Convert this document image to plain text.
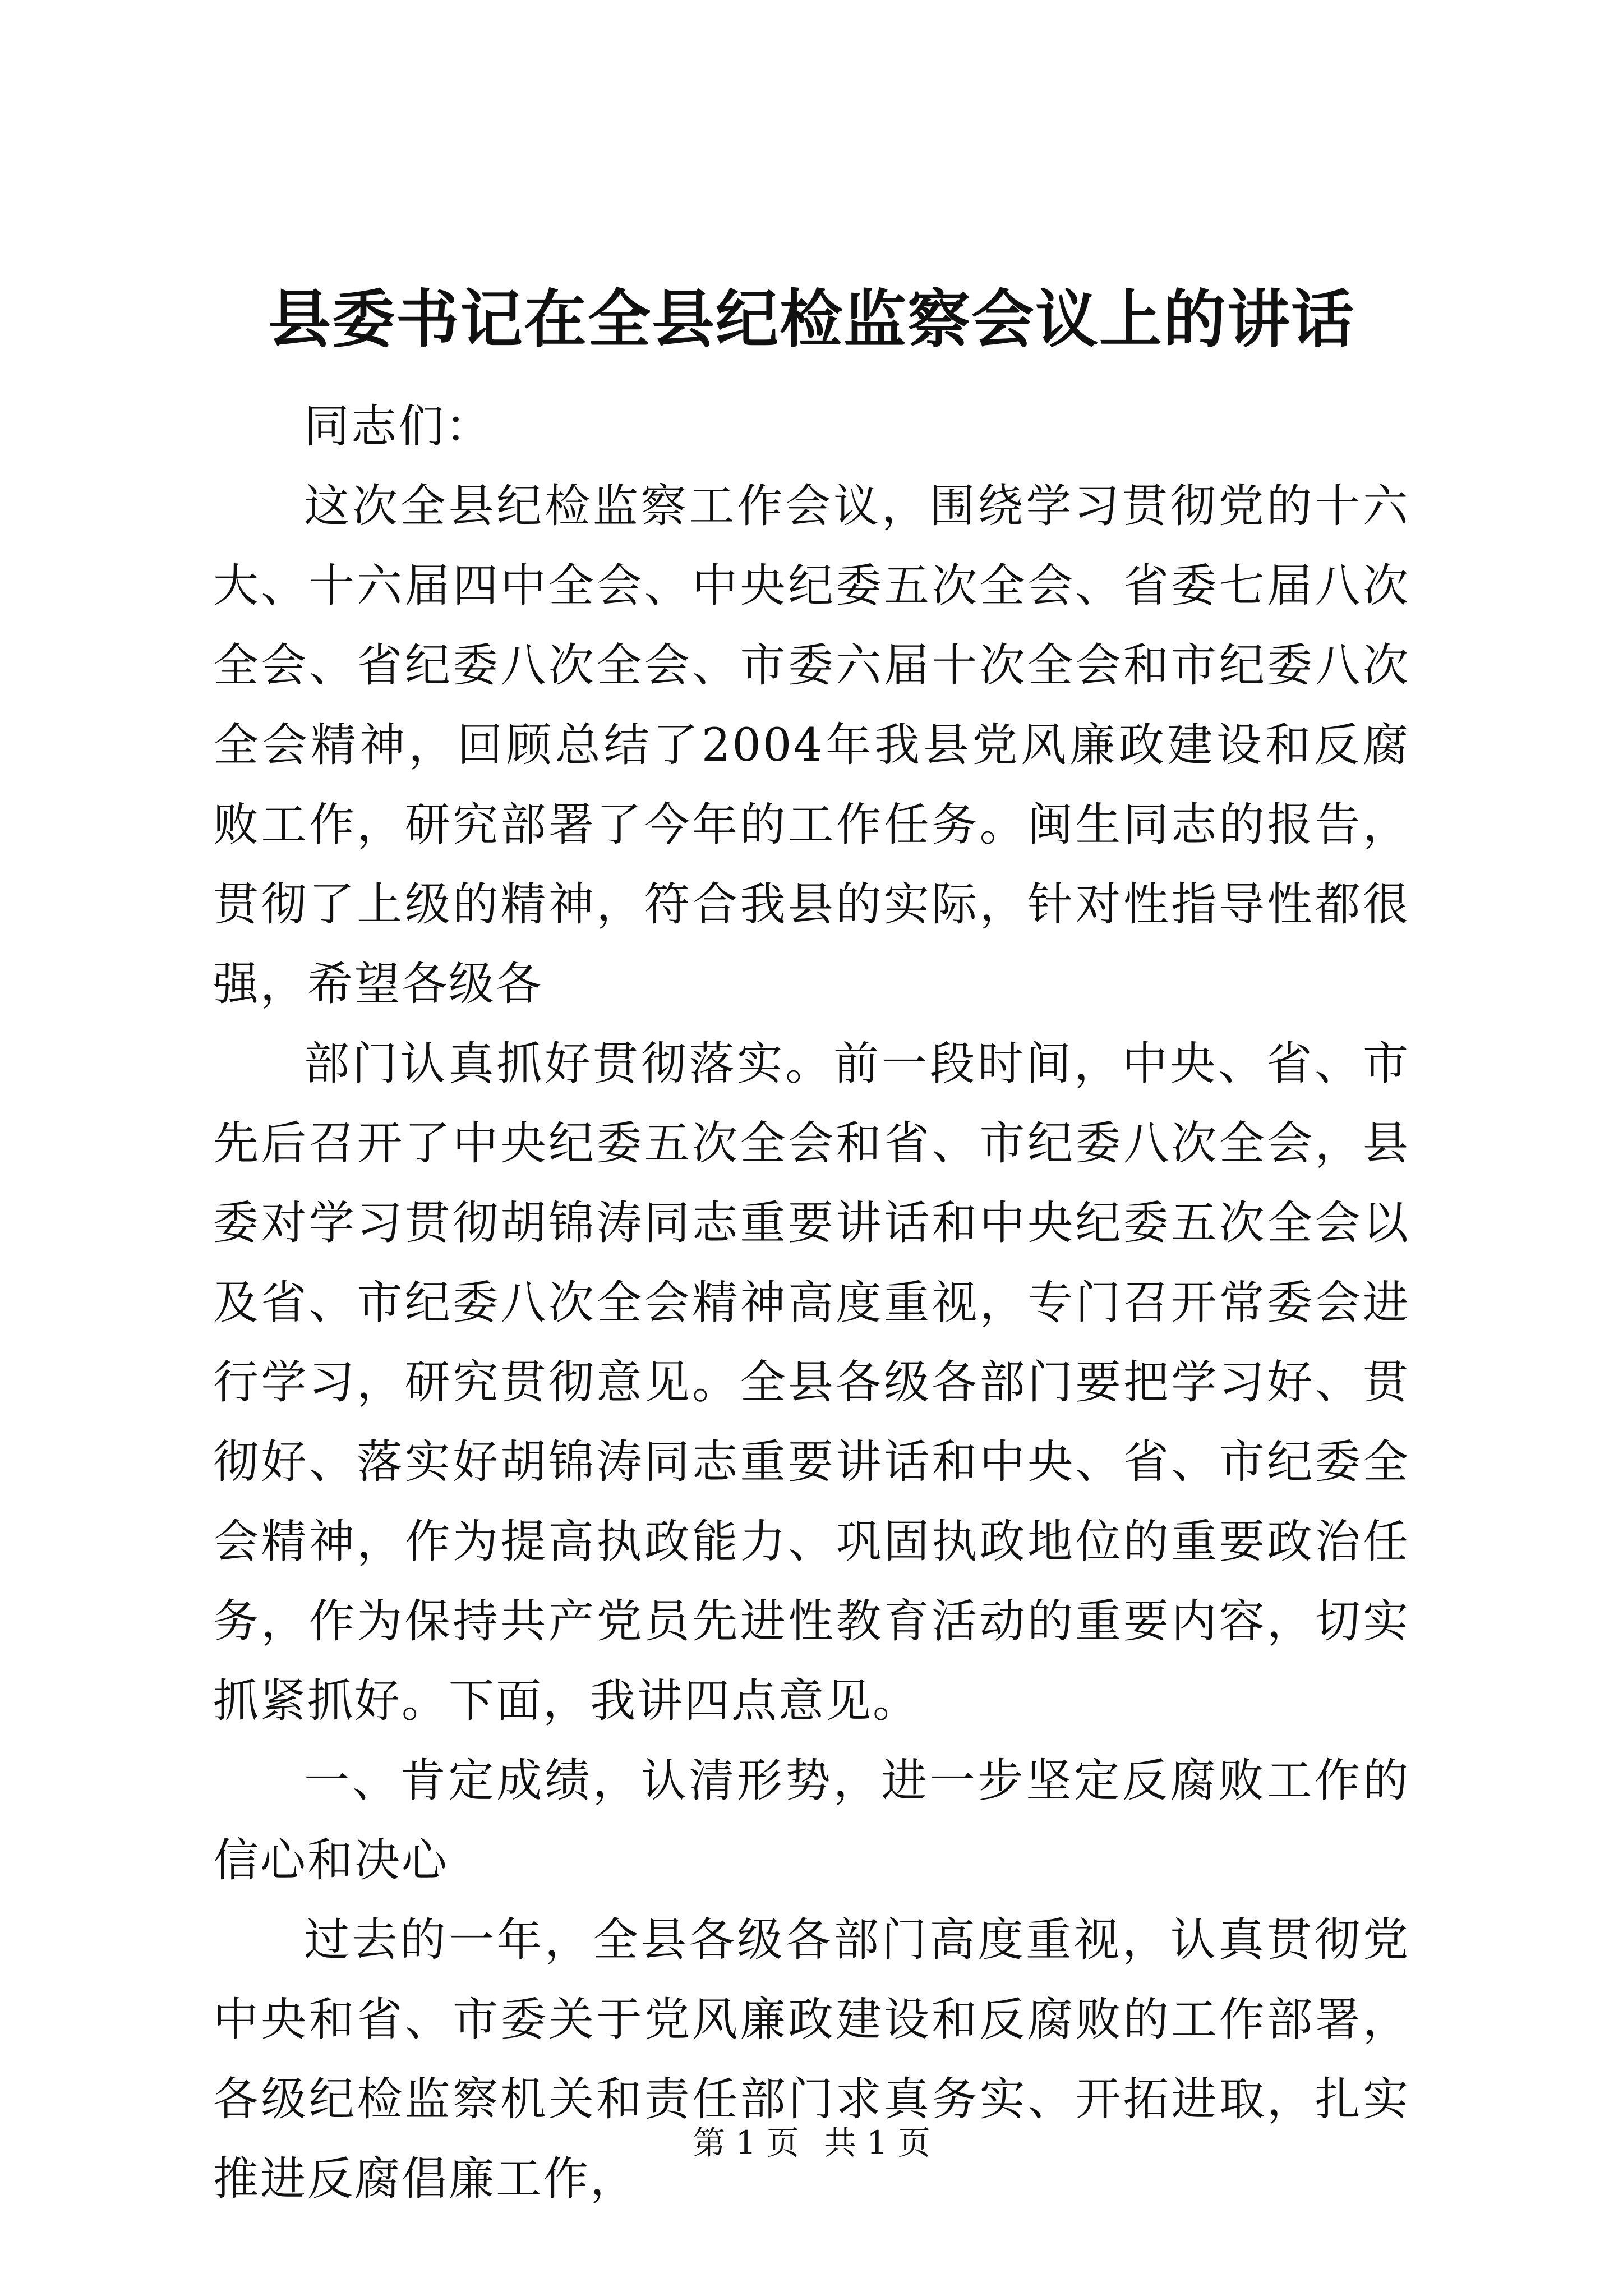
县委书记在全县纪检监察会议上的讲话

同志们：

这次全县纪检监察工作会议，围绕学习贯彻党的十六大、十六届四中全会、中央纪委五次全会、省委七届八次全会、省纪委八次全会、市委六届十次全会和市纪委八次全会精神，回顾总结了2004年我县党风廉政建设和反腐败工作，研究部署了今年的工作任务。闽生同志的报告，贯彻了上级的精神，符合我县的实际，针对性指导性都很强，希望各级各

部门认真抓好贯彻落实。前一段时间，中央、省、市先后召开了中央纪委五次全会和省、市纪委八次全会，县委对学习贯彻胡锦涛同志重要讲话和中央纪委五次全会以及省、市纪委八次全会精神高度重视，专门召开常委会进行学习，研究贯彻意见。全县各级各部门要把学习好、贯彻好、落实好胡锦涛同志重要讲话和中央、省、市纪委全会精神，作为提高执政能力、巩固执政地位的重要政治任务，作为保持共产党员先进性教育活动的重要内容，切实抓紧抓好。下面，我讲四点意见。

一、肯定成绩，认清形势，进一步坚定反腐败工作的信心和决心

过去的一年，全县各级各部门高度重视，认真贯彻党中央和省、市委关于党风廉政建设和反腐败的工作部署，各级纪检监察机关和责任部门求真务实、开拓进取，扎实推进反腐倡廉工作，

第 1 页 共 1 页
